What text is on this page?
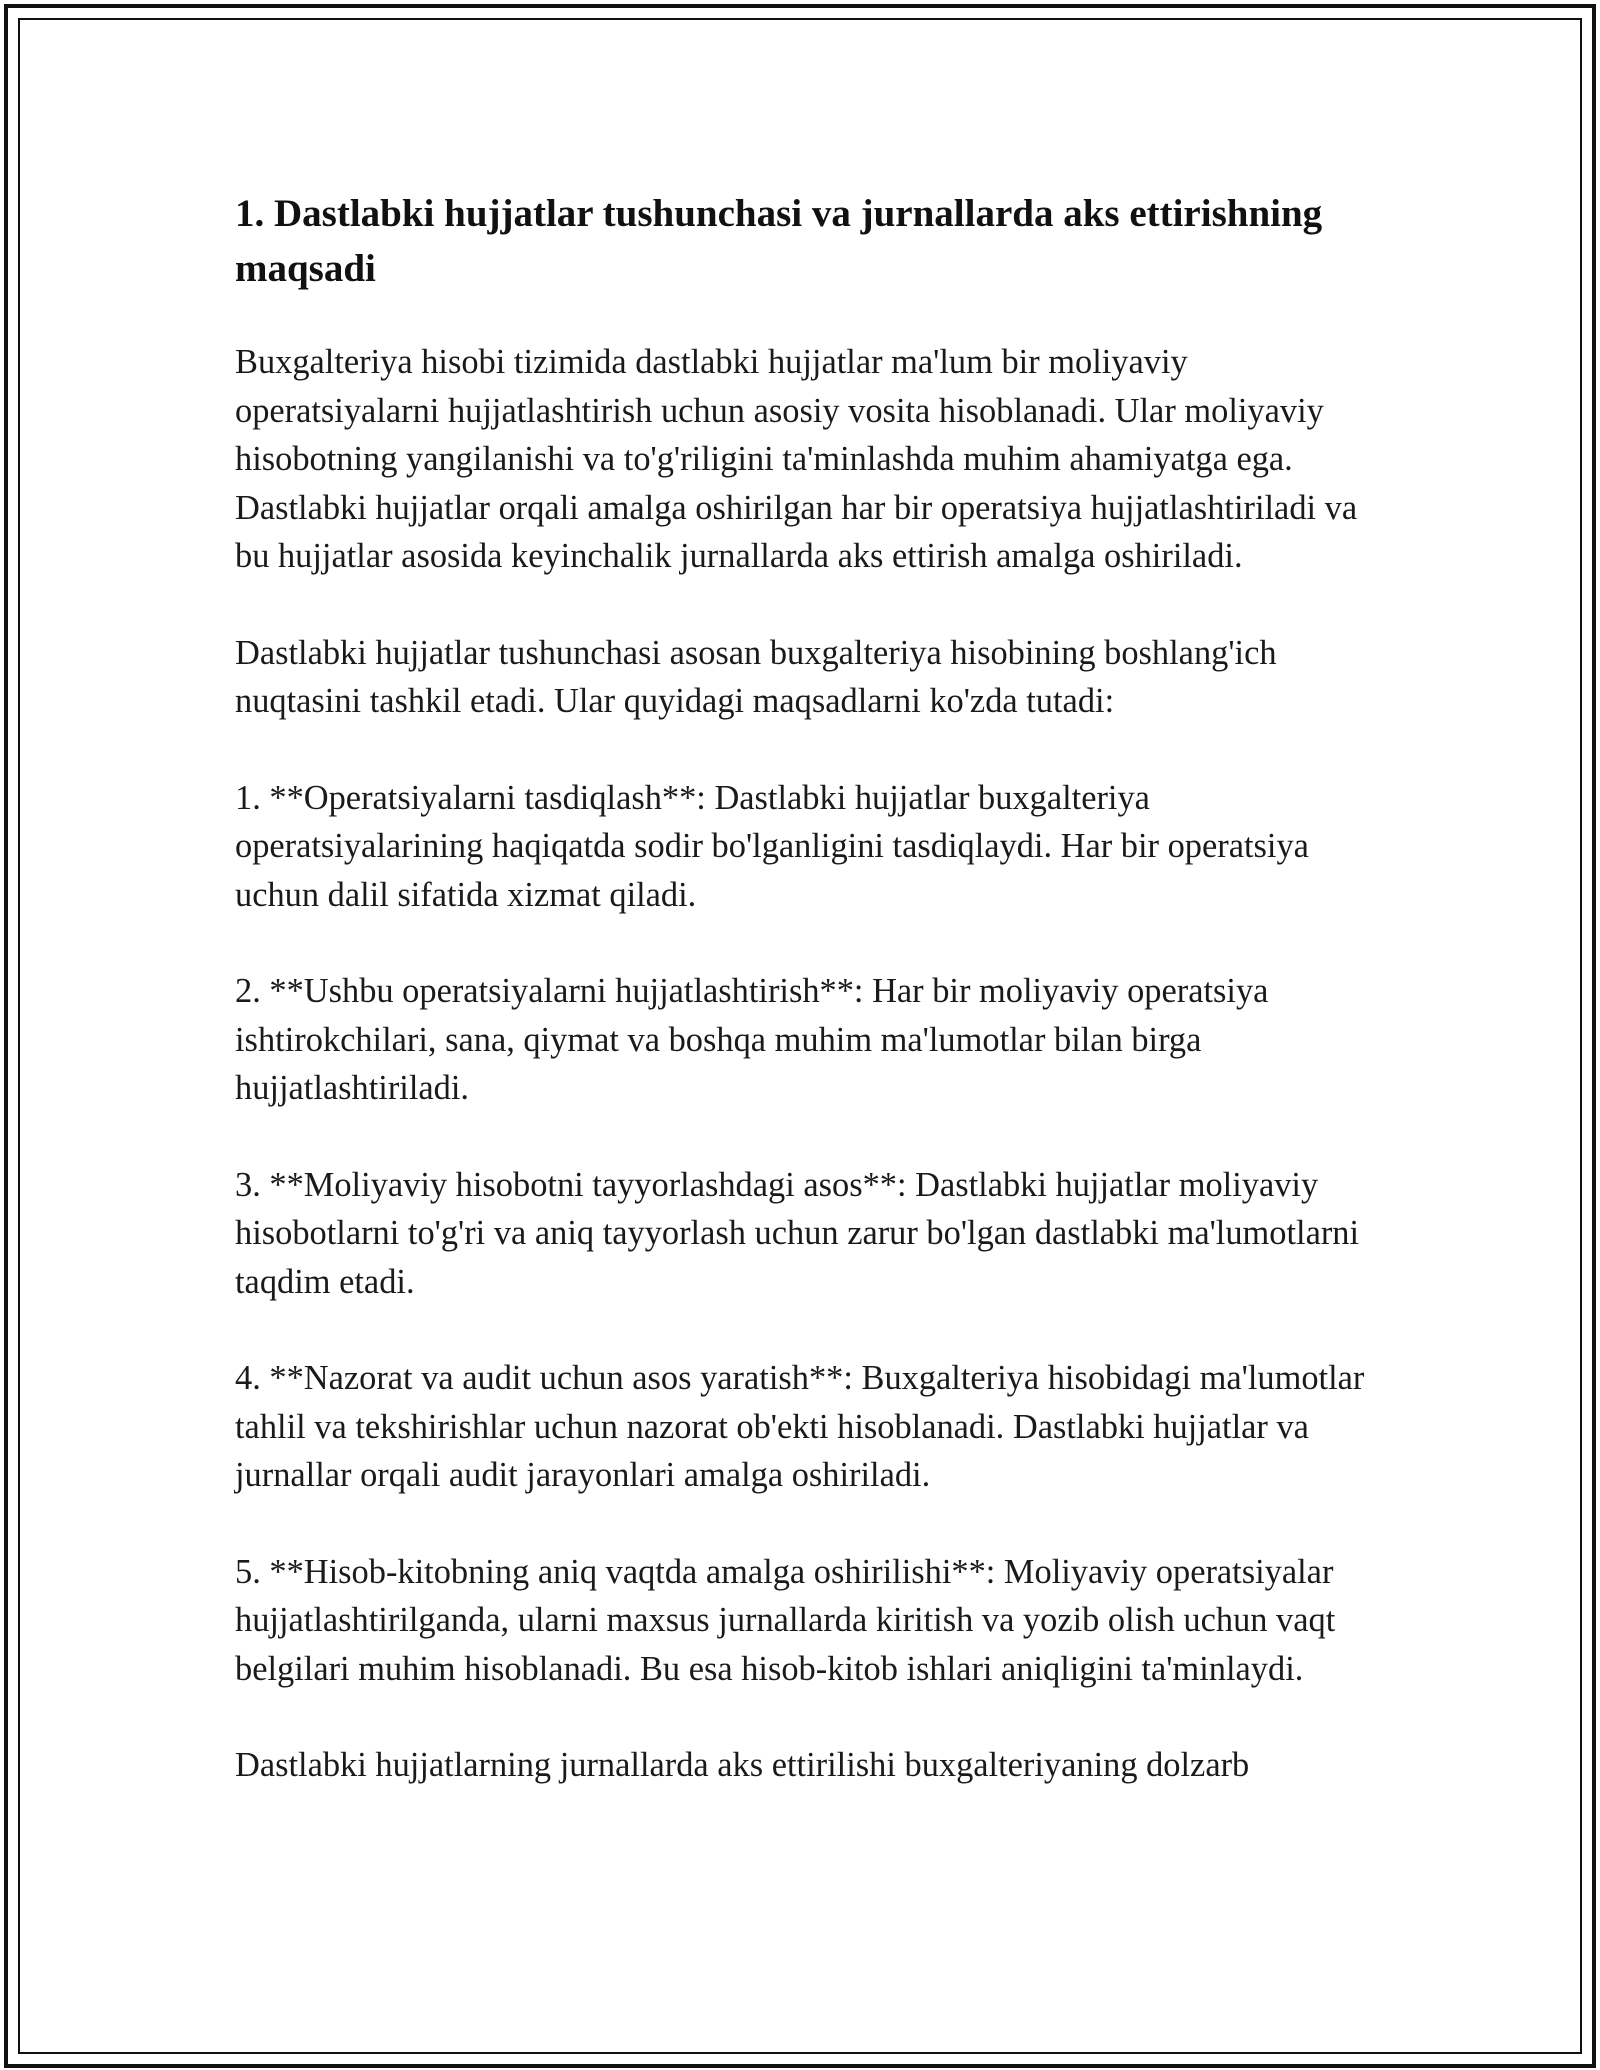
1. Dastlabki hujjatlar tushunchasi va jurnallarda aks ettirishning maqsadi

Buxgalteriya hisobi tizimida dastlabki hujjatlar ma'lum bir moliyaviy operatsiyalarni hujjatlashtirish uchun asosiy vosita hisoblanadi. Ular moliyaviy hisobotning yangilanishi va to'g'riligini ta'minlashda muhim ahamiyatga ega. Dastlabki hujjatlar orqali amalga oshirilgan har bir operatsiya hujjatlashtiriladi va bu hujjatlar asosida keyinchalik jurnallarda aks ettirish amalga oshiriladi.

Dastlabki hujjatlar tushunchasi asosan buxgalteriya hisobining boshlang'ich nuqtasini tashkil etadi. Ular quyidagi maqsadlarni ko'zda tutadi:

1. **Operatsiyalarni tasdiqlash**: Dastlabki hujjatlar buxgalteriya operatsiyalarining haqiqatda sodir bo'lganligini tasdiqlaydi. Har bir operatsiya uchun dalil sifatida xizmat qiladi.

2. **Ushbu operatsiyalarni hujjatlashtirish**: Har bir moliyaviy operatsiya ishtirokchilari, sana, qiymat va boshqa muhim ma'lumotlar bilan birga hujjatlashtiriladi.

3. **Moliyaviy hisobotni tayyorlashdagi asos**: Dastlabki hujjatlar moliyaviy hisobotlarni to'g'ri va aniq tayyorlash uchun zarur bo'lgan dastlabki ma'lumotlarni taqdim etadi.

4. **Nazorat va audit uchun asos yaratish**: Buxgalteriya hisobidagi ma'lumotlar tahlil va tekshirishlar uchun nazorat ob'ekti hisoblanadi. Dastlabki hujjatlar va jurnallar orqali audit jarayonlari amalga oshiriladi.

5. **Hisob-kitobning aniq vaqtda amalga oshirilishi**: Moliyaviy operatsiyalar hujjatlashtirilganda, ularni maxsus jurnallarda kiritish va yozib olish uchun vaqt belgilari muhim hisoblanadi. Bu esa hisob-kitob ishlari aniqligini ta'minlaydi.

Dastlabki hujjatlarning jurnallarda aks ettirilishi buxgalteriyaning dolzarb
